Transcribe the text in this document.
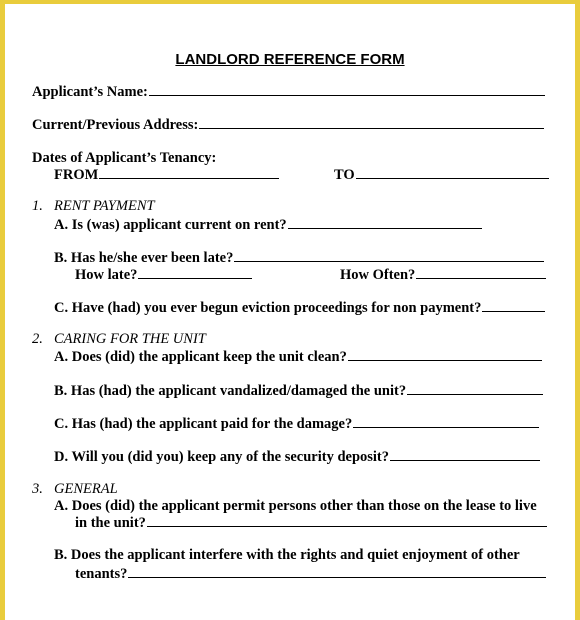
LANDLORD REFERENCE FORM
Applicant’s Name:
Current/Previous Address:
Dates of Applicant’s Tenancy:
FROM	TO
1. RENT PAYMENT
A. Is (was) applicant current on rent?
B. Has he/she ever been late?
How late?	How Often?
C. Have (had) you ever begun eviction proceedings for non payment?
2. CARING FOR THE UNIT
A. Does (did) the applicant keep the unit clean?
B. Has (had) the applicant vandalized/damaged the unit?
C. Has (had) the applicant paid for the damage?
D. Will you (did you) keep any of the security deposit?
3. GENERAL
A. Does (did) the applicant permit persons other than those on the lease to live
in the unit?
B. Does the applicant interfere with the rights and quiet enjoyment of other
tenants?
